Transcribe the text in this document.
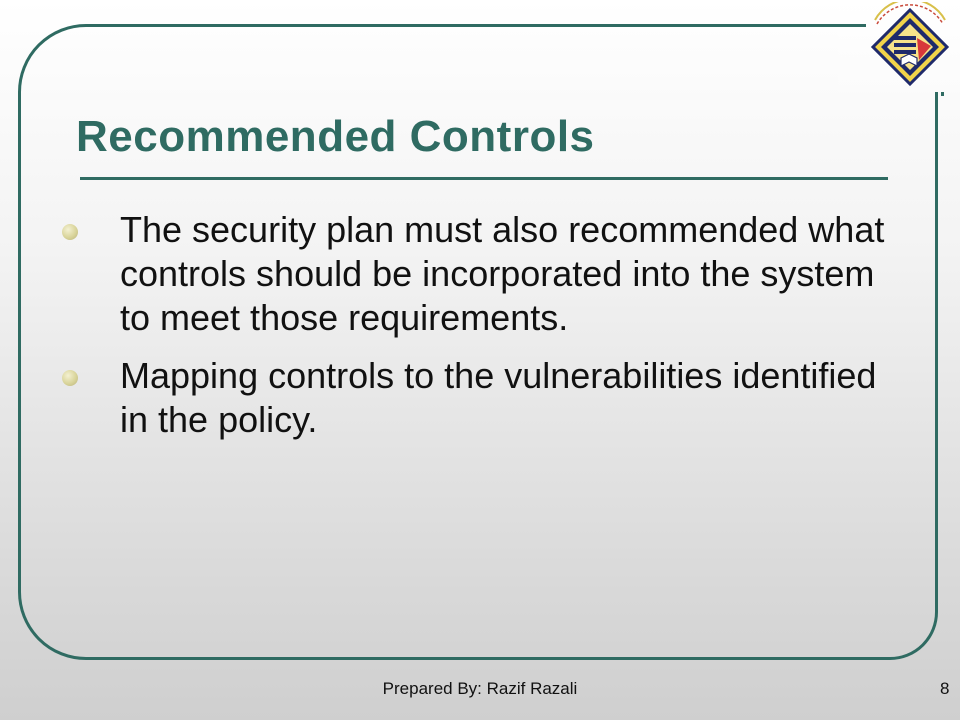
Recommended Controls
The security plan must also recommended what controls should be incorporated into the system to meet those requirements.
Mapping controls to the vulnerabilities identified in the policy.
Prepared By: Razif Razali	8
